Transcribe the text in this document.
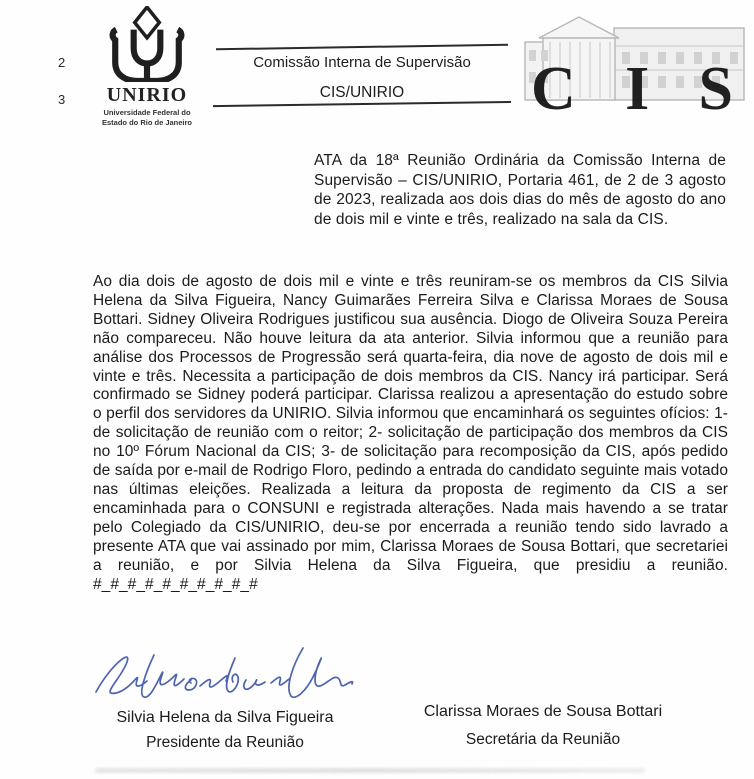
2
3	UNIRIO
Universidade Federal do
Estado do Rio de Janeiro
Comissão Interna de Supervisão
CIS/UNIRIO	CIS
ATA da 18ª Reunião Ordinária da Comissão Interna de Supervisão – CIS/UNIRIO, Portaria 461, de 2 de 3 agosto de 2023, realizada aos dois dias do mês de agosto do ano de dois mil e vinte e três, realizado na sala da CIS.
Ao dia dois de agosto de dois mil e vinte e três reuniram-se os membros da CIS Silvia Helena da Silva Figueira, Nancy Guimarães Ferreira Silva e Clarissa Moraes de Sousa Bottari. Sidney Oliveira Rodrigues justificou sua ausência. Diogo de Oliveira Souza Pereira não compareceu. Não houve leitura da ata anterior. Silvia informou que a reunião para análise dos Processos de Progressão será quarta-feira, dia nove de agosto de dois mil e vinte e três. Necessita a participação de dois membros da CIS. Nancy irá participar. Será confirmado se Sidney poderá participar. Clarissa realizou a apresentação do estudo sobre o perfil dos servidores da UNIRIO. Silvia informou que encaminhará os seguintes ofícios: 1- de solicitação de reunião com o reitor; 2- solicitação de participação dos membros da CIS no 10º Fórum Nacional da CIS; 3- de solicitação para recomposição da CIS, após pedido de saída por e-mail de Rodrigo Floro, pedindo a entrada do candidato seguinte mais votado nas últimas eleições. Realizada a leitura da proposta de regimento da CIS a ser encaminhada para o CONSUNI e registrada alterações. Nada mais havendo a se tratar pelo Colegiado da CIS/UNIRIO, deu-se por encerrada a reunião tendo sido lavrado a presente ATA que vai assinado por mim, Clarissa Moraes de Sousa Bottari, que secretariei a reunião, e por Silvia Helena da Silva Figueira, que presidiu a reunião. #_#_#_#_#_#_#_#_#_#
Silvia Helena da Silva Figueira
Presidente da Reunião
Clarissa Moraes de Sousa Bottari
Secretária da Reunião
